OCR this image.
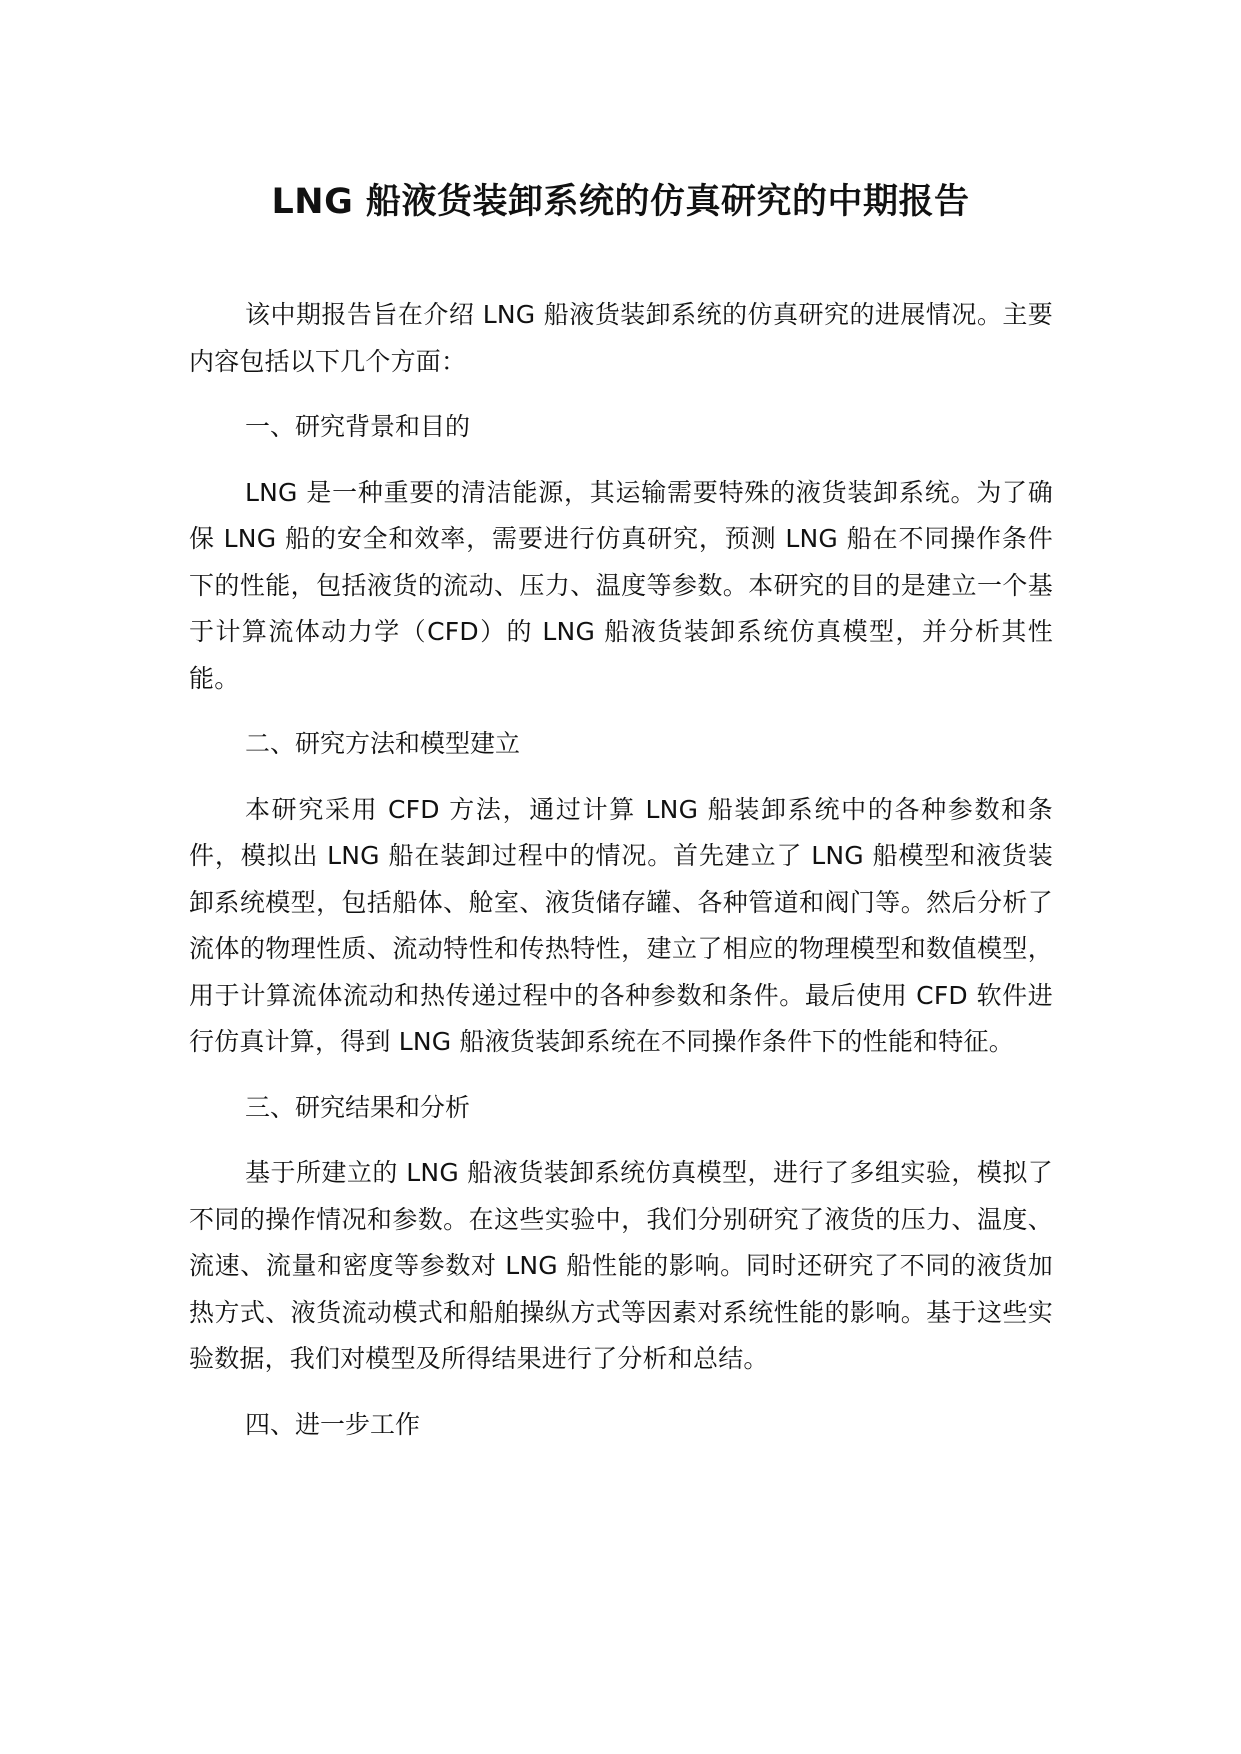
LNG 船液货装卸系统的仿真研究的中期报告

该中期报告旨在介绍 LNG 船液货装卸系统的仿真研究的进展情况。主要内容包括以下几个方面：

一、研究背景和目的

LNG 是一种重要的清洁能源，其运输需要特殊的液货装卸系统。为了确保 LNG 船的安全和效率，需要进行仿真研究，预测 LNG 船在不同操作条件下的性能，包括液货的流动、压力、温度等参数。本研究的目的是建立一个基于计算流体动力学（CFD）的 LNG 船液货装卸系统仿真模型，并分析其性能。

二、研究方法和模型建立

本研究采用 CFD 方法，通过计算 LNG 船装卸系统中的各种参数和条件，模拟出 LNG 船在装卸过程中的情况。首先建立了 LNG 船模型和液货装卸系统模型，包括船体、舱室、液货储存罐、各种管道和阀门等。然后分析了流体的物理性质、流动特性和传热特性，建立了相应的物理模型和数值模型，用于计算流体流动和热传递过程中的各种参数和条件。最后使用 CFD 软件进行仿真计算，得到 LNG 船液货装卸系统在不同操作条件下的性能和特征。

三、研究结果和分析

基于所建立的 LNG 船液货装卸系统仿真模型，进行了多组实验，模拟了不同的操作情况和参数。在这些实验中，我们分别研究了液货的压力、温度、流速、流量和密度等参数对 LNG 船性能的影响。同时还研究了不同的液货加热方式、液货流动模式和船舶操纵方式等因素对系统性能的影响。基于这些实验数据，我们对模型及所得结果进行了分析和总结。

四、进一步工作
